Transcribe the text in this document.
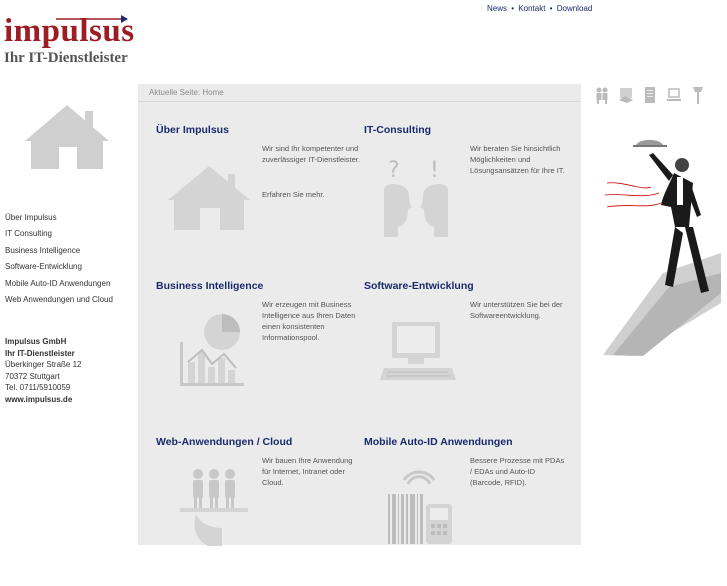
impulsus
Ihr IT-Dienstleister
News • Kontakt • Download
Über Impulsus
IT Consulting
Business Intelligence
Software-Entwicklung
Mobile Auto-ID Anwendungen
Web Anwendungen und Cloud
Impulsus GmbH
Ihr IT-Dienstleister
Überkinger Straße 12
70372 Stuttgart
Tel. 0711/5910059
www.impulsus.de
Aktuelle Seite: Home
Über Impulsus

Wir sind Ihr kompetenter und zuverlässiger IT-Dienstleister.

Erfahren Sie mehr.
IT-Consulting
? !

Wir beraten Sie hinsichtlich Möglichkeiten und Lösungsansätzen für Ihre IT.

Business Intelligence

Wir erzeugen mit Business Intelligence aus Ihren Daten einen konsistenten Informationspool.

Software-Entwicklung

Wir unterstützen Sie bei der Softwareentwicklung.

Web-Anwendungen / Cloud

Wir bauen Ihre Anwendung für Internet, Intranet oder Cloud.

Mobile Auto-ID Anwendungen

Bessere Prozesse mit PDAs / EDAs und Auto-ID (Barcode, RFID).
